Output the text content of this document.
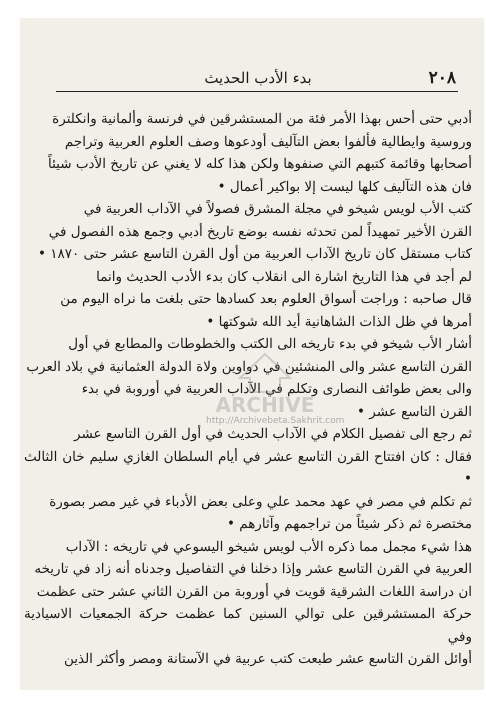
٢٠٨
بدء الأدب الحديث

أدبي حتى أحس بهذا الأمر فئة من المستشرقين في فرنسة وألمانية وانكلترة

وروسية وايطالية فألفوا بعض التآليف أودعوها وصف العلوم العربية وتراجم

أصحابها وقائمة كتبهم التي صنفوها ولكن هذا كله لا يغني عن تاريخ الأدب شيئاً

فان هذه التآليف كلها ليست إلا بواكير أعمال •

كتب الأب لويس شيخو في مجلة المشرق فصولاً في الآداب العربية في

القرن الأخير تمهيداً لمن تحدثه نفسه بوضع تاريخ أدبي وجمع هذه الفصول في

كتاب مستقل كان تاريخ الآداب العربية من أول القرن التاسع عشر حتى ١٨٧٠ •

لم أجد في هذا التاريخ اشارة الى انقلاب كان بدء الأدب الحديث وانما

قال صاحبه : وراجت أسواق العلوم بعد كسادها حتى بلغت ما نراه اليوم من

أمرها في ظل الذات الشاهانية أيد الله شوكتها •

أشار الأب شيخو في بدء تاريخه الى الكتب والخطوطات والمطابع في أول

القرن التاسع عشر والى المنشئين في دواوين ولاة الدولة العثمانية في بلاد العرب

والى بعض طوائف النصارى وتكلم في الآداب العربية في أوروبة في بدء

القرن التاسع عشر •

ثم رجع الى تفصيل الكلام في الآداب الحديث في أول القرن التاسع عشر

فقال : كان افتتاح القرن التاسع عشر في أيام السلطان الغازي سليم خان الثالث •

ثم تكلم في مصر في عهد محمد علي وعلى بعض الأدباء في غير مصر بصورة

مختصرة ثم ذكر شيئاً من تراجمهم وآثارهم •

هذا شيء مجمل مما ذكره الأب لويس شيخو اليسوعي في تاريخه : الآداب

العربية في القرن التاسع عشر وإذا دخلنا في التفاصيل وجدناه أنه زاد في تاريخه

ان دراسة اللغات الشرقية قويت في أوروبة من القرن الثاني عشر حتى عظمت

حركة المستشرقين على توالي السنين كما عظمت حركة الجمعيات الاسيادية وفي

أوائل القرن التاسع عشر طبعت كتب عربية في الآستانة ومصر وأكثر الذين

ARCHIVE
http://Archivebeta.Sakhrit.com
